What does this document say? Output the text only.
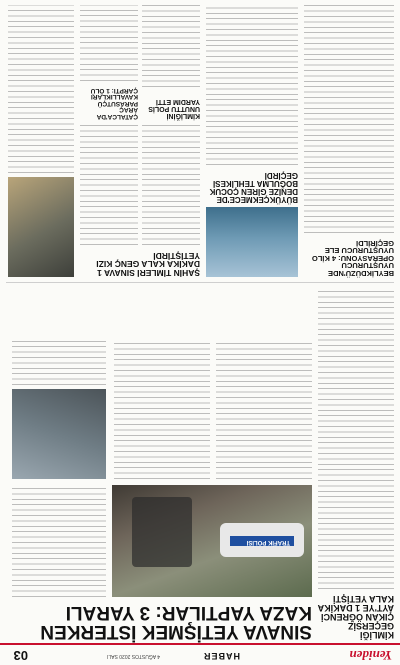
Yeniden
HABER
4 AĞUSTOS 2020 SALI
03
KİMLİĞİ GEÇERSİZ ÇIKAN ÖĞRENCİ AYT'YE 1 DAKİKA KALA YETİŞTİ
SINAVA YETİŞMEK İSTERKEN KAZA YAPTILAR: 3 YARALI
TRAFİK POLİSİ
BEYLİKDÜZÜ'NDE UYUŞTURUCU OPERASYONU: 4 KİLO UYUŞTURUCU ELE GEÇİRİLDİ
BÜYÜKÇEKMECE'DE DENİZE GİREN ÇOCUK BOĞULMA TEHLİKESİ GEÇİRDİ
ŞAHİN TİMLERİ SINAVA 1 DAKİKA KALA GENÇ KIZI YETİŞTİRDİ
KİMLİĞİNİ UNUTTU POLİS YARDIM ETTİ
ÇATALCA'DA ARAÇ PARASUTÇÜ KAVALLIKLARI ÇARPTI: 1 ÖLÜ
